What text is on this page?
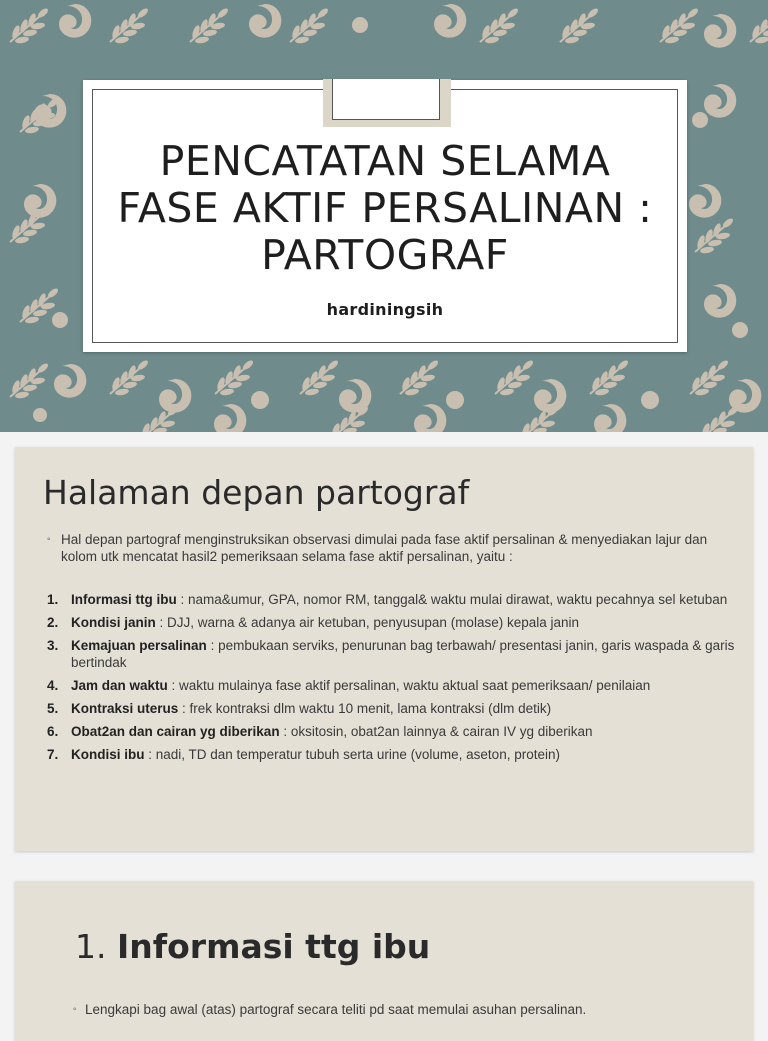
PENCATATAN SELAMA
FASE AKTIF PERSALINAN :
PARTOGRAF
hardiningsih
Halaman depan partograf
◦ Hal depan partograf menginstruksikan observasi dimulai pada fase aktif persalinan & menyediakan lajur dan kolom utk mencatat hasil2 pemeriksaan selama fase aktif persalinan, yaitu :
1. Informasi ttg ibu : nama&umur, GPA, nomor RM, tanggal& waktu mulai dirawat, waktu pecahnya sel ketuban
2. Kondisi janin : DJJ, warna & adanya air ketuban, penyusupan (molase) kepala janin
3. Kemajuan persalinan : pembukaan serviks, penurunan bag terbawah/ presentasi janin, garis waspada & garis bertindak
4. Jam dan waktu : waktu mulainya fase aktif persalinan, waktu aktual saat pemeriksaan/ penilaian
5. Kontraksi uterus : frek kontraksi dlm waktu 10 menit, lama kontraksi (dlm detik)
6. Obat2an dan cairan yg diberikan : oksitosin, obat2an lainnya & cairan IV yg diberikan
7. Kondisi ibu : nadi, TD dan temperatur tubuh serta urine (volume, aseton, protein)
1. Informasi ttg ibu
◦ Lengkapi bag awal (atas) partograf secara teliti pd saat memulai asuhan persalinan.
